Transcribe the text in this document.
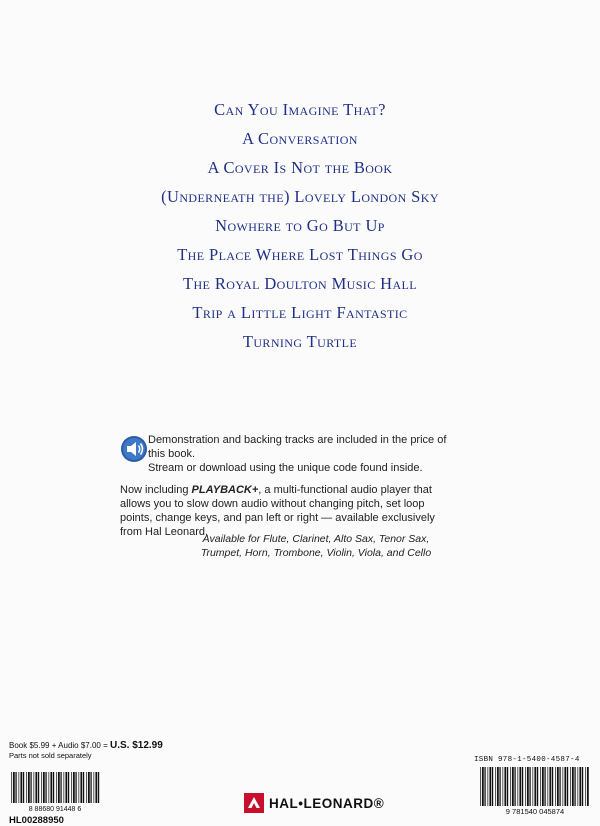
Can You Imagine That?
A Conversation
A Cover Is Not the Book
(Underneath the) Lovely London Sky
Nowhere to Go But Up
The Place Where Lost Things Go
The Royal Doulton Music Hall
Trip a Little Light Fantastic
Turning Turtle

Demonstration and backing tracks are included in the price of this book.
Stream or download using the unique code found inside.

Now including PLAYBACK+, a multi-functional audio player that allows you to slow down audio without changing pitch, set loop points, change keys, and pan left or right — available exclusively from Hal Leonard.

Available for Flute, Clarinet, Alto Sax, Tenor Sax,
Trumpet, Horn, Trombone, Violin, Viola, and Cello
Book $5.99 + Audio $7.00 = U.S. $12.99
Parts not sold separately
8 88680 91448 6
HL00288950
HAL•LEONARD®
ISBN 978-1-5400-4587-4
9 781540 045874
